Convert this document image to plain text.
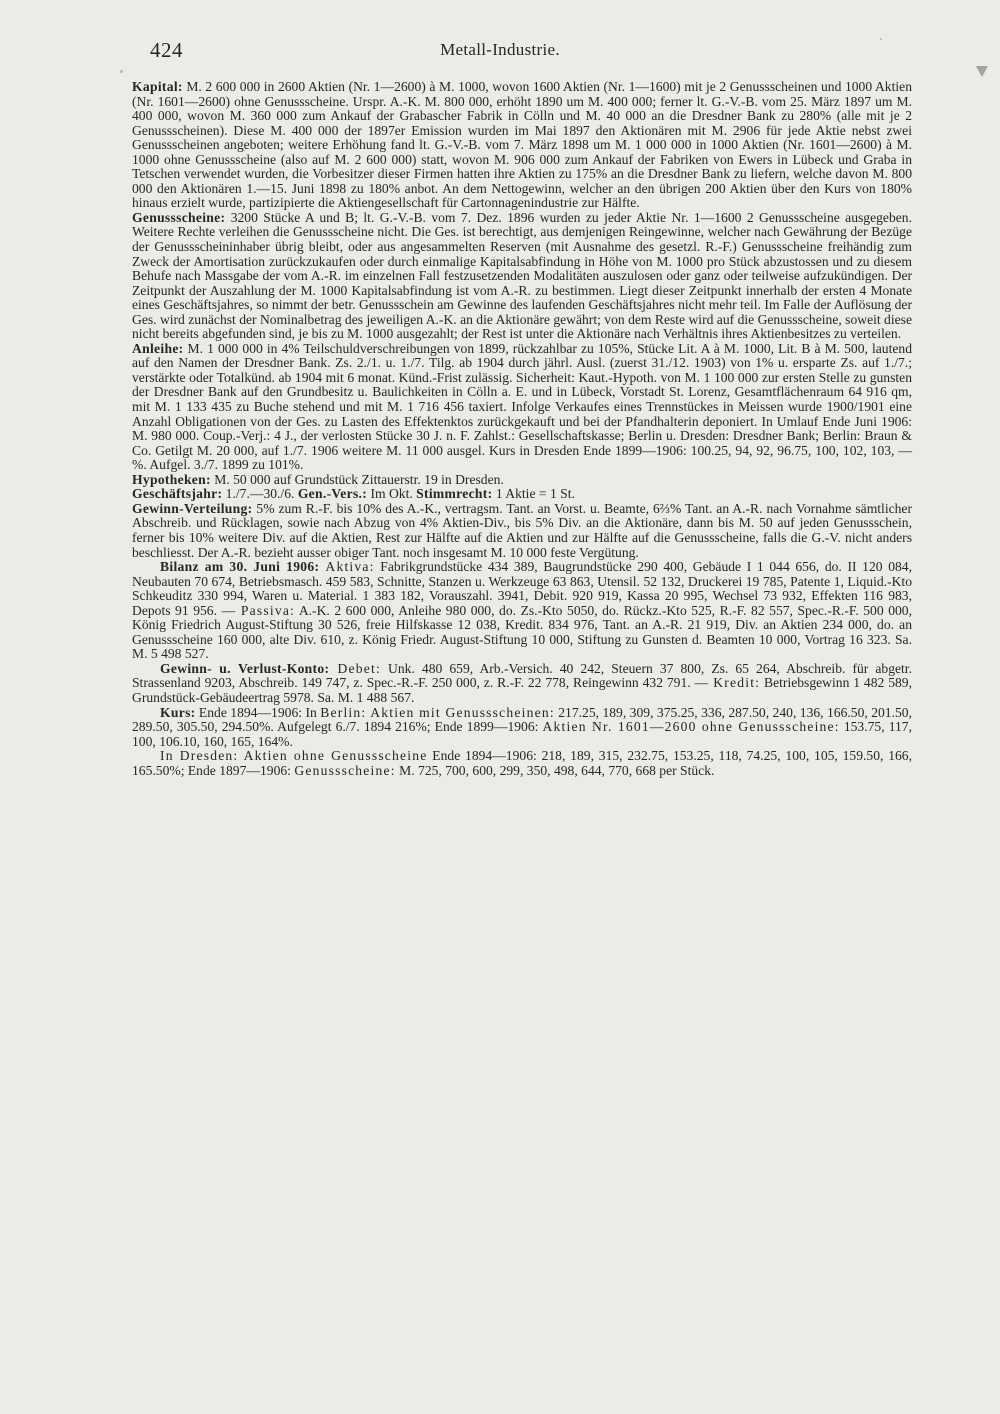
424	Metall-Industrie.

Kapital: M. 2 600 000 in 2600 Aktien (Nr. 1—2600) à M. 1000, wovon 1600 Aktien (Nr. 1—1600) mit je 2 Genussscheinen und 1000 Aktien (Nr. 1601—2600) ohne Genussscheine. Urspr. A.-K. M. 800 000, erhöht 1890 um M. 400 000; ferner lt. G.-V.-B. vom 25. März 1897 um M. 400 000, wovon M. 360 000 zum Ankauf der Grabascher Fabrik in Cölln und M. 40 000 an die Dresdner Bank zu 280% (alle mit je 2 Genussscheinen). Diese M. 400 000 der 1897er Emission wurden im Mai 1897 den Aktionären mit M. 2906 für jede Aktie nebst zwei Genussscheinen angeboten; weitere Erhöhung fand lt. G.-V.-B. vom 7. März 1898 um M. 1 000 000 in 1000 Aktien (Nr. 1601—2600) à M. 1000 ohne Genussscheine (also auf M. 2 600 000) statt, wovon M. 906 000 zum Ankauf der Fabriken von Ewers in Lübeck und Graba in Tetschen verwendet wurden, die Vorbesitzer dieser Firmen hatten ihre Aktien zu 175% an die Dresdner Bank zu liefern, welche davon M. 800 000 den Aktionären 1.—15. Juni 1898 zu 180% anbot. An dem Nettogewinn, welcher an den übrigen 200 Aktien über den Kurs von 180% hinaus erzielt wurde, partizipierte die Aktiengesellschaft für Cartonnagenindustrie zur Hälfte.

Genussscheine: 3200 Stücke A und B; lt. G.-V.-B. vom 7. Dez. 1896 wurden zu jeder Aktie Nr. 1—1600 2 Genussscheine ausgegeben. Weitere Rechte verleihen die Genussscheine nicht. Die Ges. ist berechtigt, aus demjenigen Reingewinne, welcher nach Gewährung der Bezüge der Genussscheininhaber übrig bleibt, oder aus angesammelten Reserven (mit Ausnahme des gesetzl. R.-F.) Genussscheine freihändig zum Zweck der Amortisation zurückzukaufen oder durch einmalige Kapitalsabfindung in Höhe von M. 1000 pro Stück abzustossen und zu diesem Behufe nach Massgabe der vom A.-R. im einzelnen Fall festzusetzenden Modalitäten auszulosen oder ganz oder teilweise aufzukündigen. Der Zeitpunkt der Auszahlung der M. 1000 Kapitalsabfindung ist vom A.-R. zu bestimmen. Liegt dieser Zeitpunkt innerhalb der ersten 4 Monate eines Geschäftsjahres, so nimmt der betr. Genussschein am Gewinne des laufenden Geschäftsjahres nicht mehr teil. Im Falle der Auflösung der Ges. wird zunächst der Nominalbetrag des jeweiligen A.-K. an die Aktionäre gewährt; von dem Reste wird auf die Genussscheine, soweit diese nicht bereits abgefunden sind, je bis zu M. 1000 ausgezahlt; der Rest ist unter die Aktionäre nach Verhältnis ihres Aktienbesitzes zu verteilen.

Anleihe: M. 1 000 000 in 4% Teilschuldverschreibungen von 1899, rückzahlbar zu 105%, Stücke Lit. A à M. 1000, Lit. B à M. 500, lautend auf den Namen der Dresdner Bank. Zs. 2./1. u. 1./7. Tilg. ab 1904 durch jährl. Ausl. (zuerst 31./12. 1903) von 1% u. ersparte Zs. auf 1./7.; verstärkte oder Totalkünd. ab 1904 mit 6 monat. Künd.-Frist zulässig. Sicherheit: Kaut.-Hypoth. von M. 1 100 000 zur ersten Stelle zu gunsten der Dresdner Bank auf den Grundbesitz u. Baulichkeiten in Cölln a. E. und in Lübeck, Vorstadt St. Lorenz, Gesamtflächenraum 64 916 qm, mit M. 1 133 435 zu Buche stehend und mit M. 1 716 456 taxiert. Infolge Verkaufes eines Trennstückes in Meissen wurde 1900/1901 eine Anzahl Obligationen von der Ges. zu Lasten des Effektenktos zurückgekauft und bei der Pfandhalterin deponiert. In Umlauf Ende Juni 1906: M. 980 000. Coup.-Verj.: 4 J., der verlosten Stücke 30 J. n. F. Zahlst.: Gesellschaftskasse; Berlin u. Dresden: Dresdner Bank; Berlin: Braun & Co. Getilgt M. 20 000, auf 1./7. 1906 weitere M. 11 000 ausgel. Kurs in Dresden Ende 1899—1906: 100.25, 94, 92, 96.75, 100, 102, 103, —%. Aufgel. 3./7. 1899 zu 101%.

Hypotheken: M. 50 000 auf Grundstück Zittauerstr. 19 in Dresden.

Geschäftsjahr: 1./7.—30./6. Gen.-Vers.: Im Okt. Stimmrecht: 1 Aktie = 1 St.

Gewinn-Verteilung: 5% zum R.-F. bis 10% des A.-K., vertragsm. Tant. an Vorst. u. Beamte, 6⅔% Tant. an A.-R. nach Vornahme sämtlicher Abschreib. und Rücklagen, sowie nach Abzug von 4% Aktien-Div., bis 5% Div. an die Aktionäre, dann bis M. 50 auf jeden Genussschein, ferner bis 10% weitere Div. auf die Aktien, Rest zur Hälfte auf die Aktien und zur Hälfte auf die Genussscheine, falls die G.-V. nicht anders beschliesst. Der A.-R. bezieht ausser obiger Tant. noch insgesamt M. 10 000 feste Vergütung.

Bilanz am 30. Juni 1906: Aktiva: Fabrikgrundstücke 434 389, Baugrundstücke 290 400, Gebäude I 1 044 656, do. II 120 084, Neubauten 70 674, Betriebsmasch. 459 583, Schnitte, Stanzen u. Werkzeuge 63 863, Utensil. 52 132, Druckerei 19 785, Patente 1, Liquid.-Kto Schkeuditz 330 994, Waren u. Material. 1 383 182, Vorauszahl. 3941, Debit. 920 919, Kassa 20 995, Wechsel 73 932, Effekten 116 983, Depots 91 956. — Passiva: A.-K. 2 600 000, Anleihe 980 000, do. Zs.-Kto 5050, do. Rückz.-Kto 525, R.-F. 82 557, Spec.-R.-F. 500 000, König Friedrich August-Stiftung 30 526, freie Hilfskasse 12 038, Kredit. 834 976, Tant. an A.-R. 21 919, Div. an Aktien 234 000, do. an Genussscheine 160 000, alte Div. 610, z. König Friedr. August-Stiftung 10 000, Stiftung zu Gunsten d. Beamten 10 000, Vortrag 16 323. Sa. M. 5 498 527.

Gewinn- u. Verlust-Konto: Debet: Unk. 480 659, Arb.-Versich. 40 242, Steuern 37 800, Zs. 65 264, Abschreib. für abgetr. Strassenland 9203, Abschreib. 149 747, z. Spec.-R.-F. 250 000, z. R.-F. 22 778, Reingewinn 432 791. — Kredit: Betriebsgewinn 1 482 589, Grundstück-Gebäudeertrag 5978. Sa. M. 1 488 567.

Kurs: Ende 1894—1906: In Berlin: Aktien mit Genussscheinen: 217.25, 189, 309, 375.25, 336, 287.50, 240, 136, 166.50, 201.50, 289.50, 305.50, 294.50%. Aufgelegt 6./7. 1894 216%; Ende 1899—1906: Aktien Nr. 1601—2600 ohne Genussscheine: 153.75, 117, 100, 106.10, 160, 165, 164%.

In Dresden: Aktien ohne Genussscheine Ende 1894—1906: 218, 189, 315, 232.75, 153.25, 118, 74.25, 100, 105, 159.50, 166, 165.50%; Ende 1897—1906: Genussscheine: M. 725, 700, 600, 299, 350, 498, 644, 770, 668 per Stück.
